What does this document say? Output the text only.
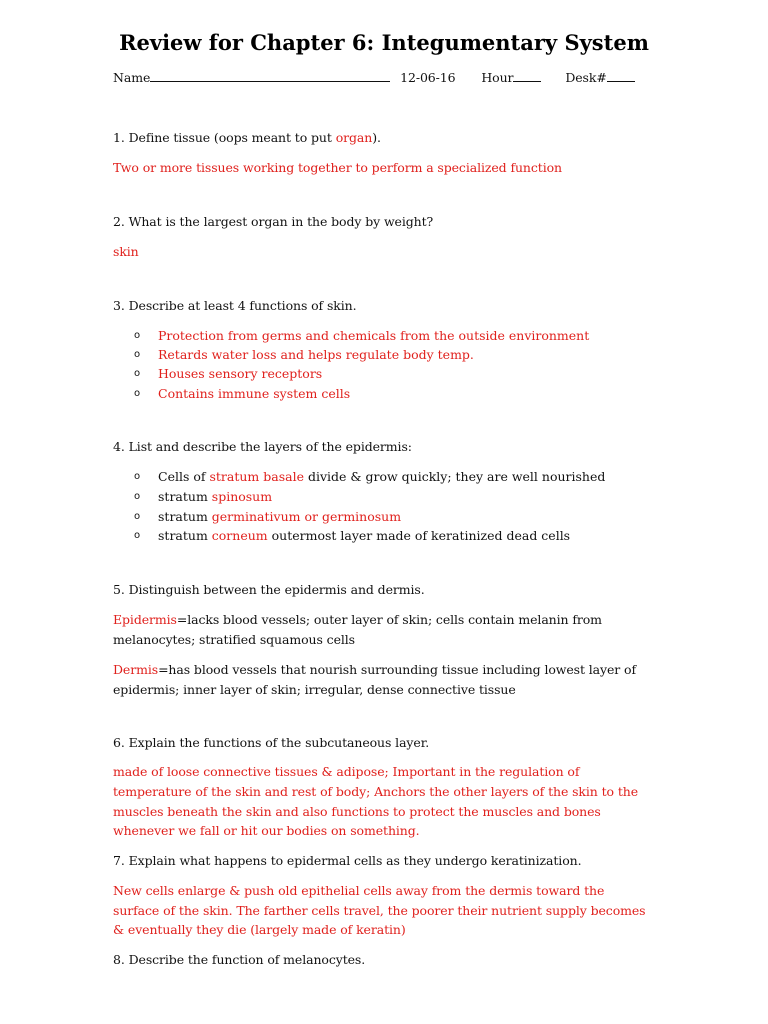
Review for Chapter 6: Integumentary System
Name	12-06-16 Hour	Desk#
1. Define tissue (oops meant to put organ).
Two or more tissues working together to perform a specialized function
2. What is the largest organ in the body by weight?
skin
3. Describe at least 4 functions of skin.
o Protection from germs and chemicals from the outside environment
o Retards water loss and helps regulate body temp.
o Houses sensory receptors
o Contains immune system cells
4. List and describe the layers of the epidermis:
o Cells of stratum basale divide & grow quickly; they are well nourished
o stratum spinosum
o stratum germinativum or germinosum
o stratum corneum outermost layer made of keratinized dead cells
5. Distinguish between the epidermis and dermis.
Epidermis=lacks blood vessels; outer layer of skin; cells contain melanin from
melanocytes; stratified squamous cells
Dermis=has blood vessels that nourish surrounding tissue including lowest layer of
epidermis; inner layer of skin; irregular, dense connective tissue
6. Explain the functions of the subcutaneous layer.
made of loose connective tissues & adipose; Important in the regulation of
temperature of the skin and rest of body; Anchors the other layers of the skin to the
muscles beneath the skin and also functions to protect the muscles and bones
whenever we fall or hit our bodies on something.
7. Explain what happens to epidermal cells as they undergo keratinization.
New cells enlarge & push old epithelial cells away from the dermis toward the
surface of the skin. The farther cells travel, the poorer their nutrient supply becomes
& eventually they die (largely made of keratin)
8. Describe the function of melanocytes.
